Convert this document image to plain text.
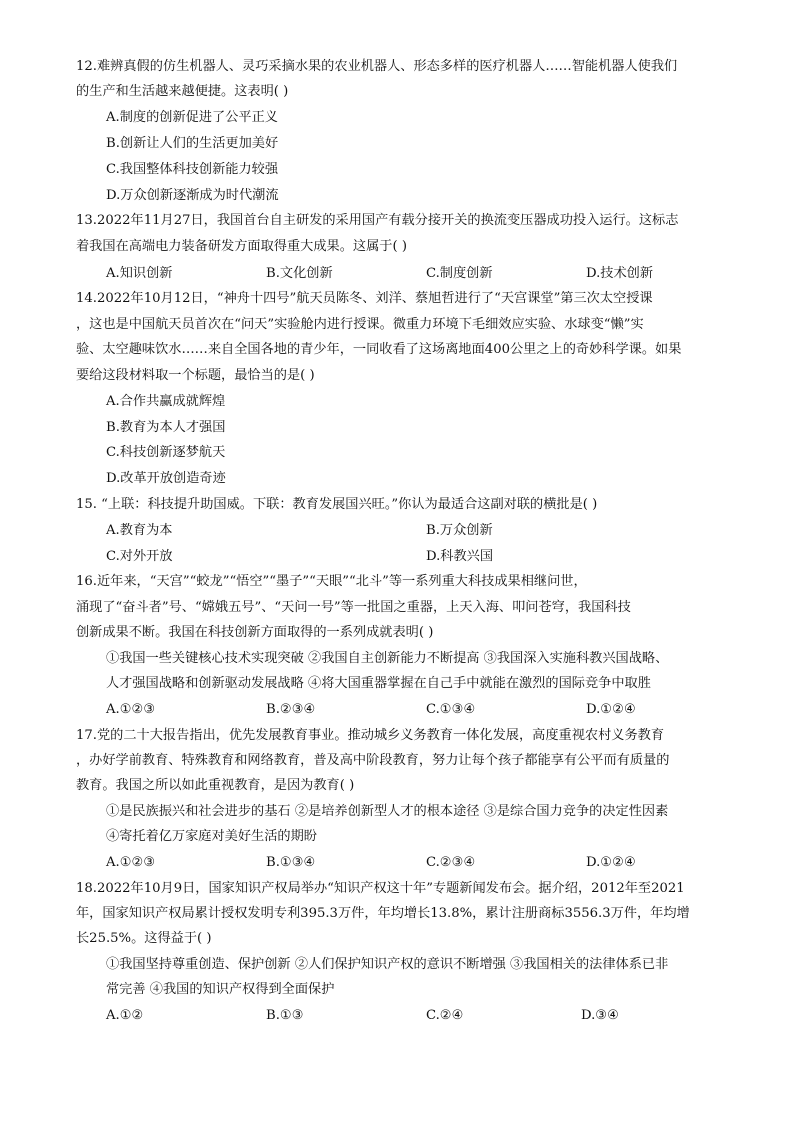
12.难辨真假的仿生机器人、灵巧采摘水果的农业机器人、形态多样的医疗机器人……智能机器人使我们
的生产和生活越来越便捷。这表明( )
A.制度的创新促进了公平正义
B.创新让人们的生活更加美好
C.我国整体科技创新能力较强
D.万众创新逐渐成为时代潮流
13.2022年11月27日，我国首台自主研发的采用国产有载分接开关的换流变压器成功投入运行。这标志
着我国在高端电力装备研发方面取得重大成果。这属于( )
A.知识创新	B.文化创新	C.制度创新	D.技术创新
14.2022年10月12日，“神舟十四号”航天员陈冬、刘洋、蔡旭哲进行了“天宫课堂”第三次太空授课
，这也是中国航天员首次在“问天”实验舱内进行授课。微重力环境下毛细效应实验、水球变“懒”实
验、太空趣味饮水……来自全国各地的青少年，一同收看了这场离地面400公里之上的奇妙科学课。如果
要给这段材料取一个标题，最恰当的是( )
A.合作共赢成就辉煌
B.教育为本人才强国
C.科技创新逐梦航天
D.改革开放创造奇迹
15. “上联：科技提升助国威。下联：教育发展国兴旺。”你认为最适合这副对联的横批是( )
A.教育为本	B.万众创新
C.对外开放	D.科教兴国
16.近年来，“天宫”“蛟龙”“悟空”“墨子”“天眼”“北斗”等一系列重大科技成果相继问世，
涌现了“奋斗者”号、“嫦娥五号”、“天问一号”等一批国之重器，上天入海、叩问苍穹，我国科技
创新成果不断。我国在科技创新方面取得的一系列成就表明( )
①我国一些关键核心技术实现突破 ②我国自主创新能力不断提高 ③我国深入实施科教兴国战略、
人才强国战略和创新驱动发展战略 ④将大国重器掌握在自己手中就能在激烈的国际竞争中取胜
A.①②③	B.②③④	C.①③④	D.①②④
17.党的二十大报告指出，优先发展教育事业。推动城乡义务教育一体化发展，高度重视农村义务教育
，办好学前教育、特殊教育和网络教育，普及高中阶段教育，努力让每个孩子都能享有公平而有质量的
教育。我国之所以如此重视教育，是因为教育( )
①是民族振兴和社会进步的基石 ②是培养创新型人才的根本途径 ③是综合国力竞争的决定性因素
④寄托着亿万家庭对美好生活的期盼
A.①②③	B.①③④	C.②③④	D.①②④
18.2022年10月9日，国家知识产权局举办“知识产权这十年”专题新闻发布会。据介绍，2012年至2021
年，国家知识产权局累计授权发明专利395.3万件，年均增长13.8%，累计注册商标3556.3万件，年均增
长25.5%。这得益于( )
①我国坚持尊重创造、保护创新 ②人们保护知识产权的意识不断增强 ③我国相关的法律体系已非
常完善 ④我国的知识产权得到全面保护
A.①②	B.①③	C.②④	D.③④
